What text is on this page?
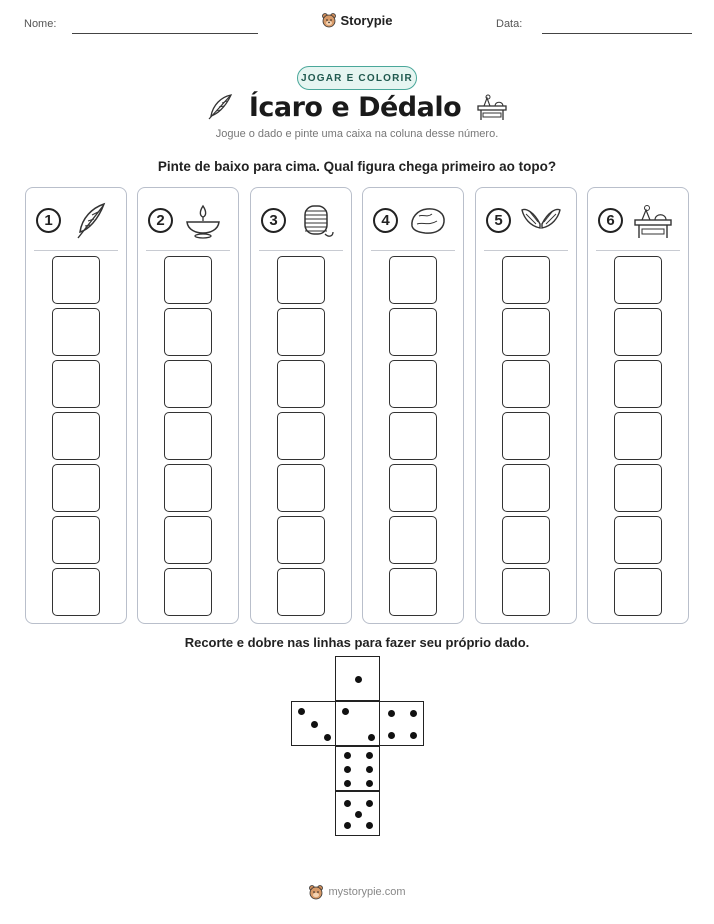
Nome:	Data:
Storypie
JOGAR E COLORIR
Ícaro e Dédalo
Jogue o dado e pinte uma caixa na coluna desse número.
Pinte de baixo para cima. Qual figura chega primeiro ao topo?
1	2	3	4	5	6
Recorte e dobre nas linhas para fazer seu próprio dado.
mystorypie.com
